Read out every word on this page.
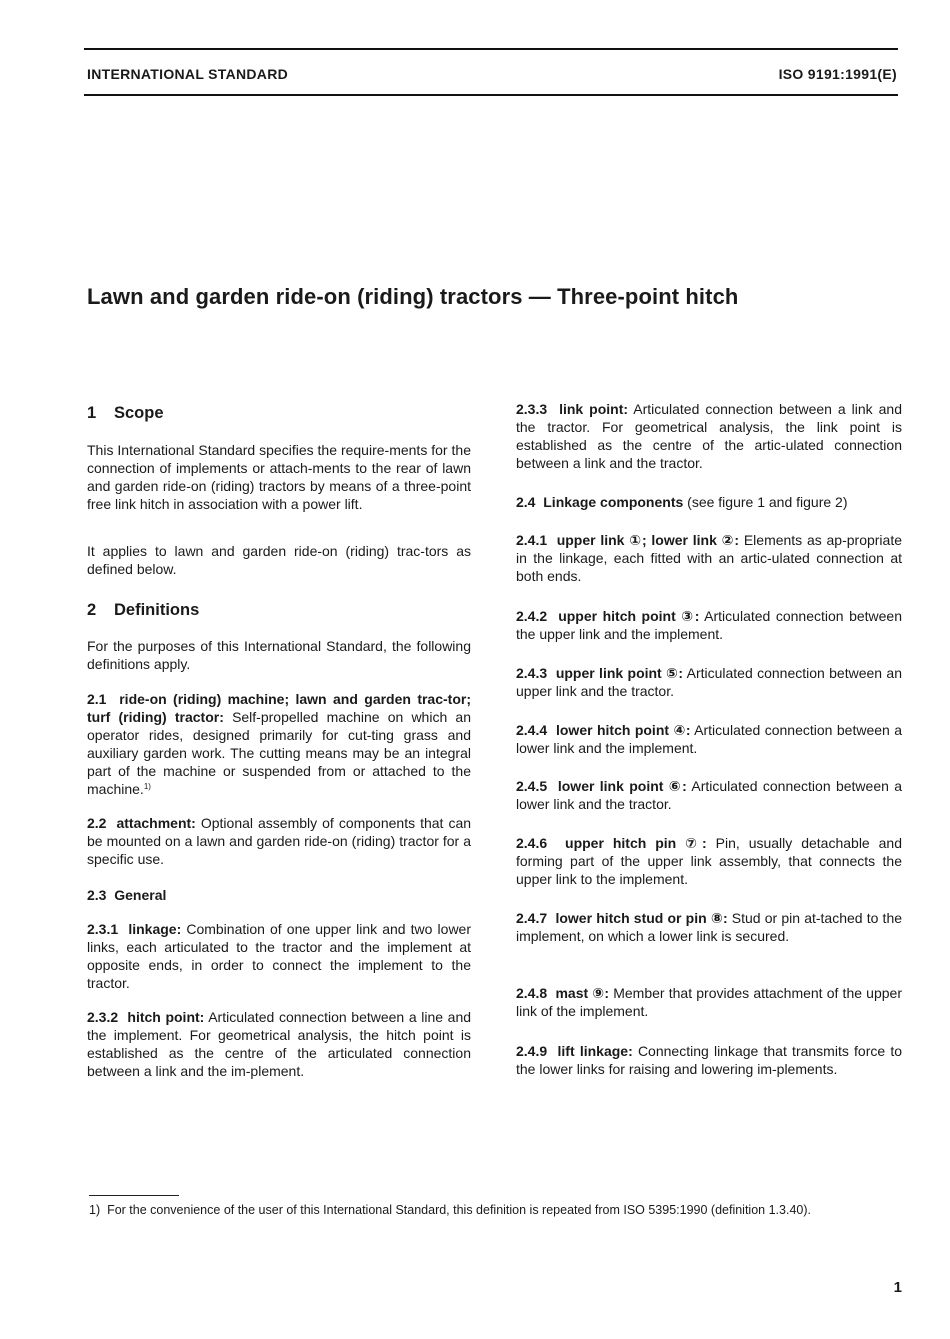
INTERNATIONAL STANDARD	ISO 9191:1991(E)
Lawn and garden ride-on (riding) tractors — Three-point hitch
1 Scope

This International Standard specifies the require-ments for the connection of implements or attach-ments to the rear of lawn and garden ride-on (riding) tractors by means of a three-point free link hitch in association with a power lift.

It applies to lawn and garden ride-on (riding) trac-tors as defined below.

2 Definitions

For the purposes of this International Standard, the following definitions apply.

2.1 ride-on (riding) machine; lawn and garden trac-tor; turf (riding) tractor: Self-propelled machine on which an operator rides, designed primarily for cut-ting grass and auxiliary garden work. The cutting means may be an integral part of the machine or suspended from or attached to the machine.$^{1)}$

2.2 attachment: Optional assembly of components that can be mounted on a lawn and garden ride-on (riding) tractor for a specific use.

2.3 General

2.3.1 linkage: Combination of one upper link and two lower links, each articulated to the tractor and the implement at opposite ends, in order to connect the implement to the tractor.

2.3.2 hitch point: Articulated connection between a line and the implement. For geometrical analysis, the hitch point is established as the centre of the articulated connection between a link and the im-plement.

2.3.3 link point: Articulated connection between a link and the tractor. For geometrical analysis, the link point is established as the centre of the artic-ulated connection between a link and the tractor.

2.4 Linkage components (see figure 1 and figure 2)

2.4.1 upper link ①; lower link ②: Elements as ap-propriate in the linkage, each fitted with an artic-ulated connection at both ends.

2.4.2 upper hitch point ③: Articulated connection between the upper link and the implement.

2.4.3 upper link point ⑤: Articulated connection between an upper link and the tractor.

2.4.4 lower hitch point ④: Articulated connection between a lower link and the implement.

2.4.5 lower link point ⑥: Articulated connection between a lower link and the tractor.

2.4.6 upper hitch pin ⑦: Pin, usually detachable and forming part of the upper link assembly, that connects the upper link to the implement.

2.4.7 lower hitch stud or pin ⑧: Stud or pin at-tached to the implement, on which a lower link is secured.

2.4.8 mast ⑨: Member that provides attachment of the upper link of the implement.

2.4.9 lift linkage: Connecting linkage that transmits force to the lower links for raising and lowering im-plements.

1) For the convenience of the user of this International Standard, this definition is repeated from ISO 5395:1990 (definition 1.3.40).

1
